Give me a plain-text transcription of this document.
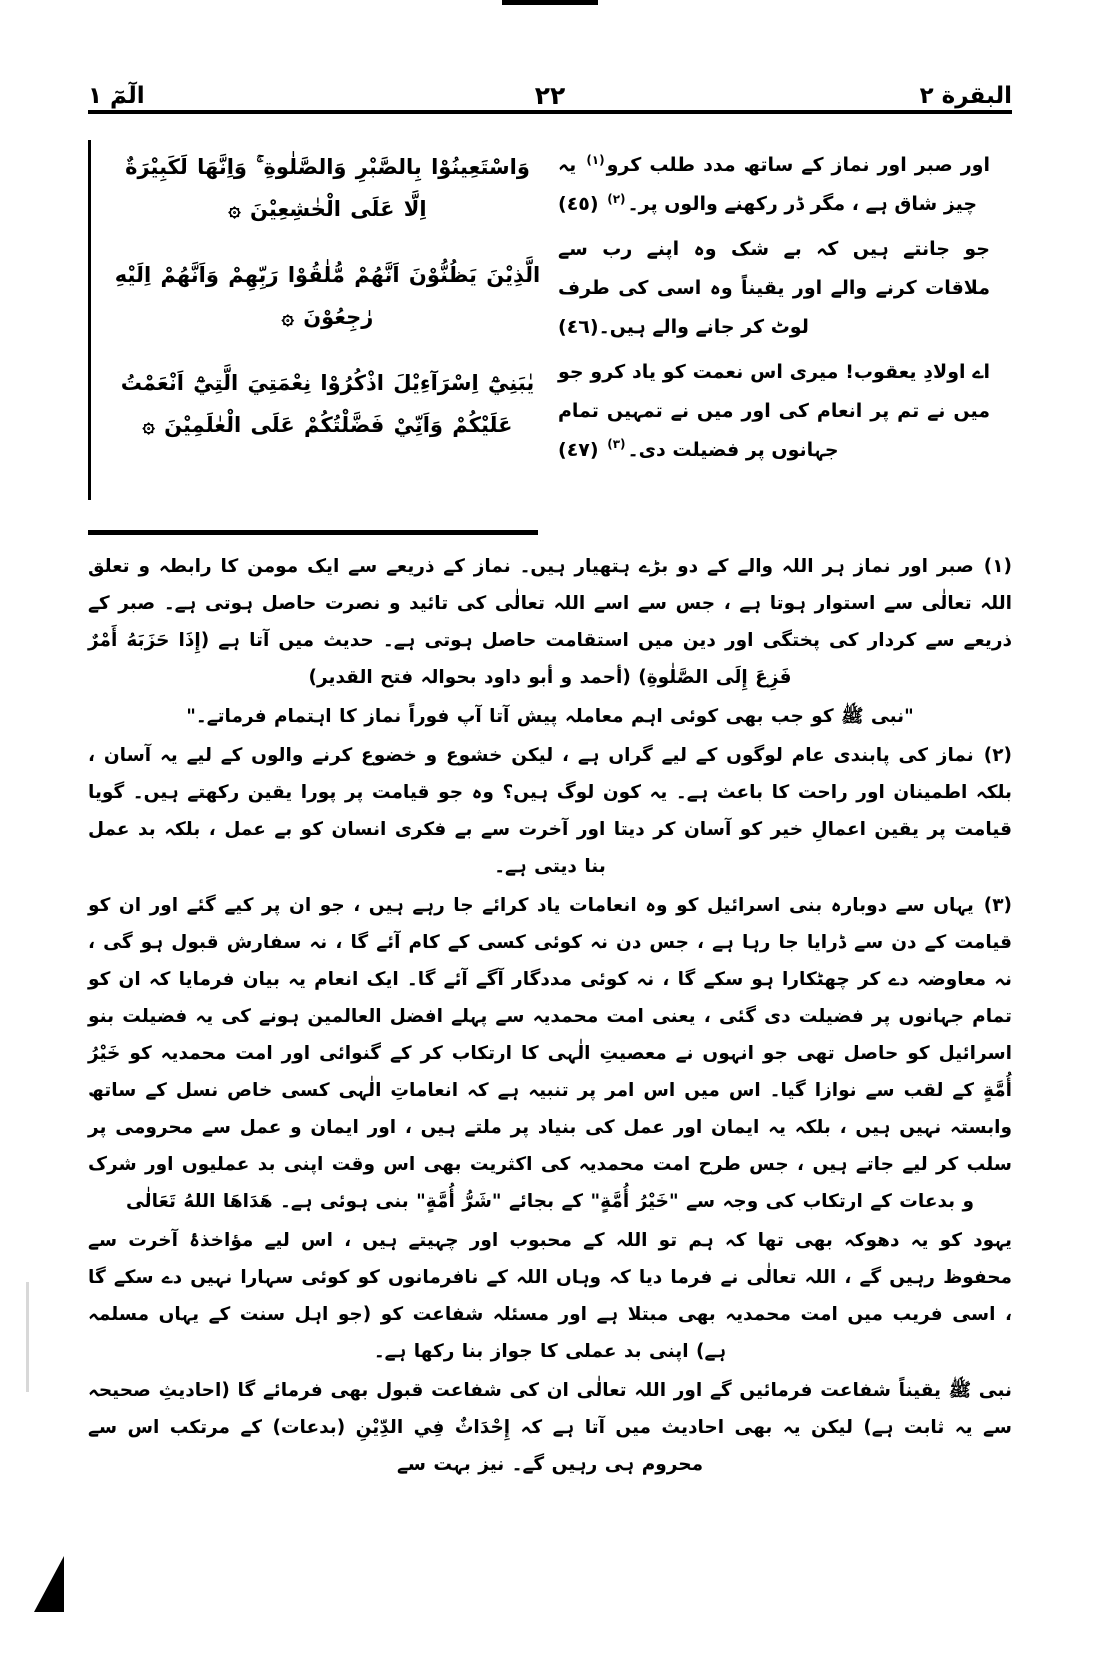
البقرة ٢
٢٢
الٓمٓ ١

اور صبر اور نماز کے ساتھ مدد طلب کرو$^{(١)}$ یہ چیز شاق ہے ، مگر ڈر رکھنے والوں پر۔$^{(٢)}$ (٤٥)

جو جانتے ہیں کہ بے شک وہ اپنے رب سے ملاقات کرنے والے اور یقیناً وہ اسی کی طرف لوٹ کر جانے والے ہیں۔(٤٦)

اے اولادِ یعقوب! میری اس نعمت کو یاد کرو جو میں نے تم پر انعام کی اور میں نے تمہیں تمام جہانوں پر فضیلت دی۔$^{(٣)}$ (٤٧)

وَاسْتَعِينُوْا بِالصَّبْرِ وَالصَّلٰوةِ ۚ وَاِنَّهَا لَكَبِيْرَةٌ اِلَّا عَلَى الْخٰشِعِيْنَ ۞
الَّذِيْنَ يَظُنُّوْنَ اَنَّهُمْ مُّلٰقُوْا رَبِّهِمْ وَاَنَّهُمْ اِلَيْهِ رٰجِعُوْنَ ۞
يٰبَنِيْٓ اِسْرَآءِيْلَ اذْكُرُوْا نِعْمَتِيَ الَّتِيْٓ اَنْعَمْتُ عَلَيْكُمْ وَاَنِّيْ فَضَّلْتُكُمْ عَلَى الْعٰلَمِيْنَ ۞

(١)صبر اور نماز ہر اللہ والے کے دو بڑے ہتھیار ہیں۔ نماز کے ذریعے سے ایک مومن کا رابطہ و تعلق اللہ تعالٰی سے استوار ہوتا ہے ، جس سے اسے اللہ تعالٰی کی تائید و نصرت حاصل ہوتی ہے۔ صبر کے ذریعے سے کردار کی پختگی اور دین میں استقامت حاصل ہوتی ہے۔ حدیث میں آتا ہے (إِذَا حَزَبَهُ أَمْرٌ فَزِعَ إِلَى الصَّلٰوةِ) (أحمد و أبو داود بحوالہ فتح القدیر)

"نبی ﷺ کو جب بھی کوئی اہم معاملہ پیش آتا آپ فوراً نماز کا اہتمام فرماتے۔"

(٢)نماز کی پابندی عام لوگوں کے لیے گراں ہے ، لیکن خشوع و خضوع کرنے والوں کے لیے یہ آسان ، بلکہ اطمینان اور راحت کا باعث ہے۔ یہ کون لوگ ہیں؟ وہ جو قیامت پر پورا یقین رکھتے ہیں۔ گویا قیامت پر یقین اعمالِ خیر کو آسان کر دیتا اور آخرت سے بے فکری انسان کو بے عمل ، بلکہ بد عمل بنا دیتی ہے۔

(٣)یہاں سے دوبارہ بنی اسرائیل کو وہ انعامات یاد کرائے جا رہے ہیں ، جو ان پر کیے گئے اور ان کو قیامت کے دن سے ڈرایا جا رہا ہے ، جس دن نہ کوئی کسی کے کام آئے گا ، نہ سفارش قبول ہو گی ، نہ معاوضہ دے کر چھٹکارا ہو سکے گا ، نہ کوئی مددگار آگے آئے گا۔ ایک انعام یہ بیان فرمایا کہ ان کو تمام جہانوں پر فضیلت دی گئی ، یعنی امت محمدیہ سے پہلے افضل العالمین ہونے کی یہ فضیلت بنو اسرائیل کو حاصل تھی جو انہوں نے معصیتِ الٰہی کا ارتکاب کر کے گنوائی اور امت محمدیہ کو خَيْرُ أُمَّةٍ کے لقب سے نوازا گیا۔ اس میں اس امر پر تنبیہ ہے کہ انعاماتِ الٰہی کسی خاص نسل کے ساتھ وابستہ نہیں ہیں ، بلکہ یہ ایمان اور عمل کی بنیاد پر ملتے ہیں ، اور ایمان و عمل سے محرومی پر سلب کر لیے جاتے ہیں ، جس طرح امت محمدیہ کی اکثریت بھی اس وقت اپنی بد عملیوں اور شرک و بدعات کے ارتکاب کی وجہ سے "خَيْرُ أُمَّةٍ" کے بجائے "شَرُّ أُمَّةٍ" بنی ہوئی ہے۔ هَدَاهَا اللهُ تَعَالٰى

یہود کو یہ دھوکہ بھی تھا کہ ہم تو اللہ کے محبوب اور چہیتے ہیں ، اس لیے مؤاخذۂ آخرت سے محفوظ رہیں گے ، اللہ تعالٰی نے فرما دیا کہ وہاں اللہ کے نافرمانوں کو کوئی سہارا نہیں دے سکے گا ، اسی فریب میں امت محمدیہ بھی مبتلا ہے اور مسئلہ شفاعت کو (جو اہل سنت کے یہاں مسلمہ ہے) اپنی بد عملی کا جواز بنا رکھا ہے۔

نبی ﷺ یقیناً شفاعت فرمائیں گے اور اللہ تعالٰی ان کی شفاعت قبول بھی فرمائے گا (احادیثِ صحیحہ سے یہ ثابت ہے) لیکن یہ بھی احادیث میں آتا ہے کہ إِحْدَاثٌ فِي الدِّيْنِ (بدعات) کے مرتکب اس سے محروم ہی رہیں گے۔ نیز بہت سے
